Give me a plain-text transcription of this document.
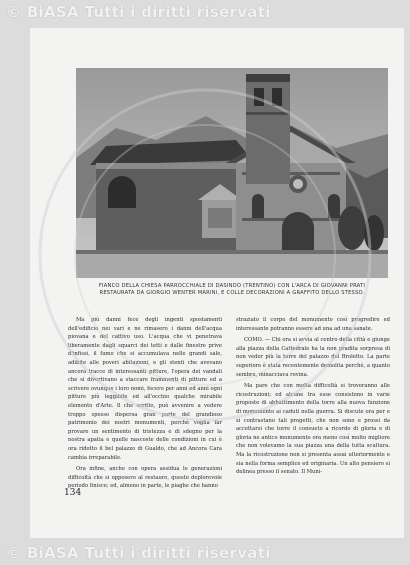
© BiASA Tutti i diritti riservati
© BiASA Tutti i diritti riservati
FIANCO DELLA CHIESA PARROCCHIALE DI DASINDO (TRENTINO) CON L'ARCA DI GIOVANNI PRATI RESTAURATA DA GIORGIO WENTER MARINI, E COLLE DECORAZIONI A GRAFFITO DELLO STESSO.

Ma più danni fece degli ingenti spostamenti dell'edificio nei vari e ne rimasero i danni dell'acqua piovana e del cattivo uso. L'acqua che vi penetrava liberamente dagli squarci dei tetti e dalle finestre prive d'infissi, il fumo che si accumulava nelle grandi sale, adibite alle poveri abitazioni, e gli stenti che avevano ancora tracce di interessanti pitture, l'opera dei vandali che si divertivano a staccare frammenti di pitture ed a scrivere ovunque i loro nomi, fecero per anni ed anni ogni pitture più leggibile ed all'occhio qualche mirabile elemento d'Arte. Il che scritto, può avvenire a vedere troppo spesso dispersa gran parte del grandioso patrimonio dei nostri monumenti, perchè voglia far provare un sentimento di tristezza e di sdegno per la nostra apatia e quelle nascoste delle condizioni in cui è ora ridotto il bel palazzo di Gualdo, che ad Ancora Cara cambia irreparabile.

Ora infine, anche con opera assidua le generazioni difficoltà che si opposero al restauro, questo deplorevole periodo finisce; ed, almeno in parte, le piaghe che hanno

straziato il corpo del monumento così progredire ed interessante potranno essere ad una ad una sanate.

COMO. — Chi ora si avvia al centro della città e giunge alla piazza della Cattedrale ha la non gradita sorpresa di non veder più la torre del palazzo del Broletto. La parte superiore è stata recentemente demolita perchè, a quanto sembra, minacciava rovina.

Ma pare che con molta difficoltà si troveranno alle ricostruzioni; ed alcune tra esse consistono in varie proposte di abbattimento della torre alla nuova funzione di monumento ai caduti nella guerra. Si discute ora per e si contrastano tali progetti, che non sono e prossi da accettarsi che torre il consueto a ricordo di gloria e di gloria ne antico monumento ora meno così molto migliore che non volevamo la sua piazza una della tutta scultura. Ma la ricostruzione non si presenta assai ulteriormente e sia nella forma semplice ed originaria. Un alto pensiero si delinea presso il senato. Il Muni-

134
